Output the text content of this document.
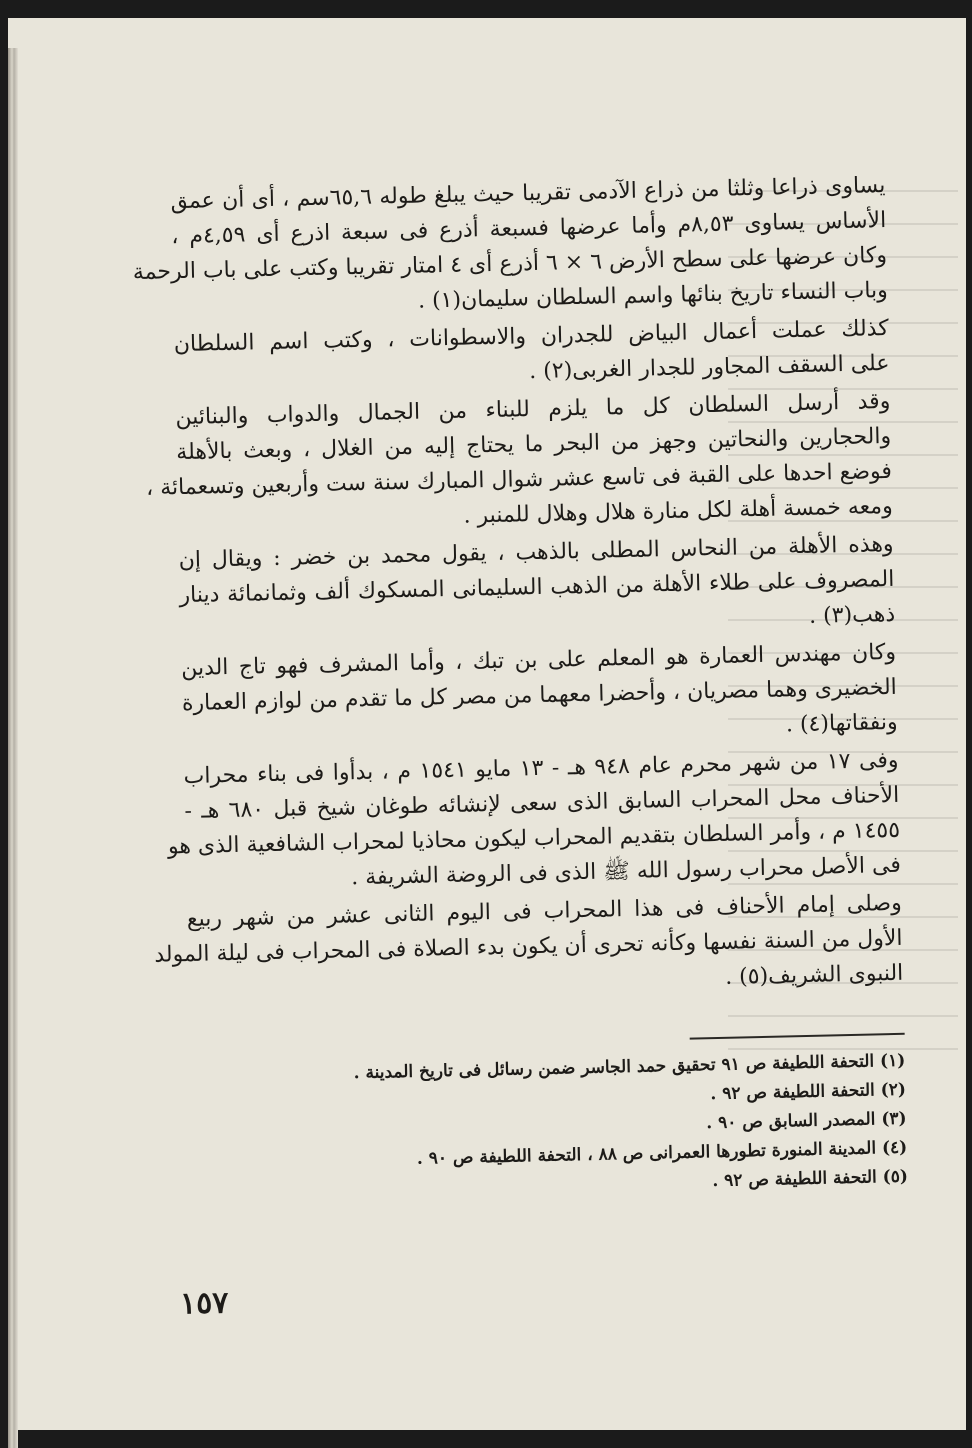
يساوى ذراعا وثلثا من ذراع الآدمى تقريبا حيث يبلغ طوله ٦٥,٦سم ، أى أن عمق
الأساس يساوى ٨,٥٣م وأما عرضها فسبعة أذرع فى سبعة اذرع أى ٤,٥٩م ،
وكان عرضها على سطح الأرض ٦ × ٦ أذرع أى ٤ امتار تقريبا وكتب على باب الرحمة
وباب النساء تاريخ بنائها واسم السلطان سليمان(١) .
كذلك عملت أعمال البياض للجدران والاسطوانات ، وكتب اسم السلطان
على السقف المجاور للجدار الغربى(٢) .
وقد أرسل السلطان كل ما يلزم للبناء من الجمال والدواب والبنائين
والحجارين والنحاتين وجهز من البحر ما يحتاج إليه من الغلال ، وبعث بالأهلة
فوضع احدها على القبة فى تاسع عشر شوال المبارك سنة ست وأربعين وتسعمائة ،
ومعه خمسة أهلة لكل منارة هلال وهلال للمنبر .
وهذه الأهلة من النحاس المطلى بالذهب ، يقول محمد بن خضر : ويقال إن
المصروف على طلاء الأهلة من الذهب السليمانى المسكوك ألف وثمانمائة دينار
ذهب(٣) .
وكان مهندس العمارة هو المعلم على بن تبك ، وأما المشرف فهو تاج الدين
الخضيرى وهما مصريان ، وأحضرا معهما من مصر كل ما تقدم من لوازم العمارة
ونفقاتها(٤) .
وفى ١٧ من شهر محرم عام ٩٤٨ هـ - ١٣ مايو ١٥٤١ م ، بدأوا فى بناء محراب
الأحناف محل المحراب السابق الذى سعى لإنشائه طوغان شيخ قبل ٦٨٠ هـ -
١٤٥٥ م ، وأمر السلطان بتقديم المحراب ليكون محاذيا لمحراب الشافعية الذى هو
فى الأصل محراب رسول الله ﷺ الذى فى الروضة الشريفة .
وصلى إمام الأحناف فى هذا المحراب فى اليوم الثانى عشر من شهر ربيع
الأول من السنة نفسها وكأنه تحرى أن يكون بدء الصلاة فى المحراب فى ليلة المولد
النبوى الشريف(٥) .
(١) التحفة اللطيفة ص ٩١ تحقيق حمد الجاسر ضمن رسائل فى تاريخ المدينة .
(٢) التحفة اللطيفة ص ٩٢ .
(٣) المصدر السابق ص ٩٠ .
(٤) المدينة المنورة تطورها العمرانى ص ٨٨ ، التحفة اللطيفة ص ٩٠ .
(٥) التحفة اللطيفة ص ٩٢ .
١٥٧
